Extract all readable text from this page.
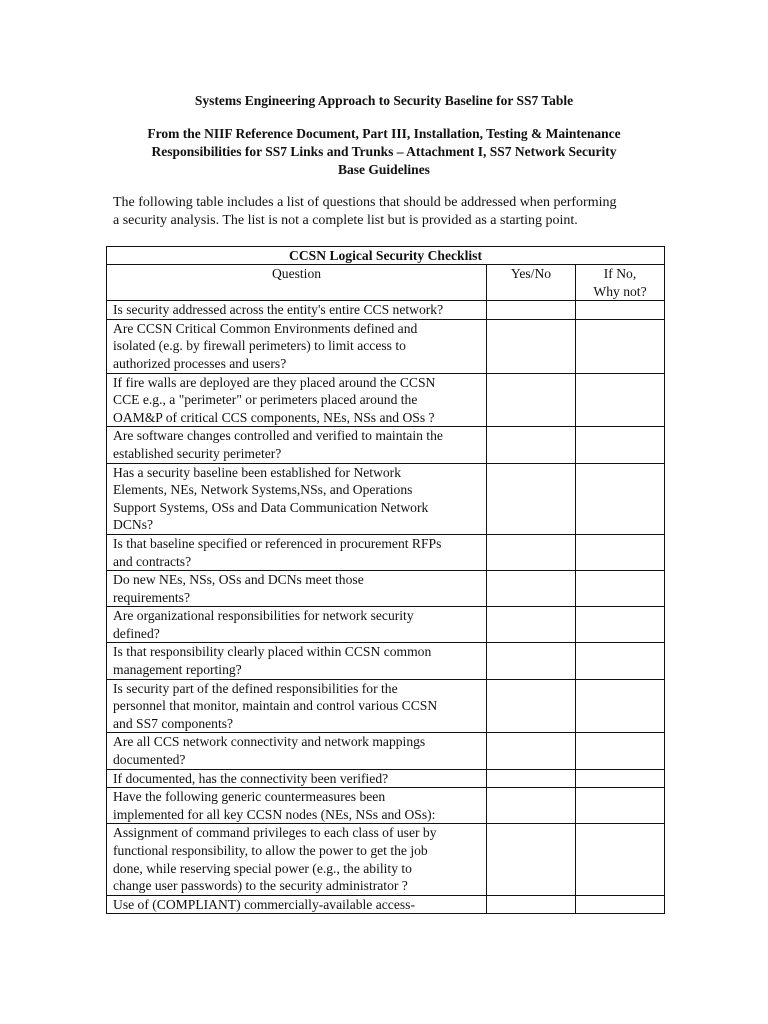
Systems Engineering Approach to Security Baseline for SS7 Table
From the NIIF Reference Document, Part III, Installation, Testing & Maintenance
Responsibilities for SS7 Links and Trunks – Attachment I, SS7 Network Security
Base Guidelines
The following table includes a list of questions that should be addressed when performing
a security analysis. The list is not a complete list but is provided as a starting point.
CCSN Logical Security Checklist		
Question	Yes/No	If No,
Why not?

Is security addressed across the entity's entire CCS network?		

Are CCSN Critical Common Environments defined and
isolated (e.g. by firewall perimeters) to limit access to
authorized processes and users?		

If fire walls are deployed are they placed around the CCSN
CCE e.g., a "perimeter" or perimeters placed around the
OAM&P of critical CCS components, NEs, NSs and OSs ?		

Are software changes controlled and verified to maintain the
established security perimeter?		

Has a security baseline been established for Network
Elements, NEs, Network Systems,NSs, and Operations
Support Systems, OSs and Data Communication Network
DCNs?		

Is that baseline specified or referenced in procurement RFPs
and contracts?		

Do new NEs, NSs, OSs and DCNs meet those
requirements?		

Are organizational responsibilities for network security
defined?		

Is that responsibility clearly placed within CCSN common
management reporting?		

Is security part of the defined responsibilities for the
personnel that monitor, maintain and control various CCSN
and SS7 components?		

Are all CCS network connectivity and network mappings
documented?		

If documented, has the connectivity been verified?		

Have the following generic countermeasures been
implemented for all key CCSN nodes (NEs, NSs and OSs):		

Assignment of command privileges to each class of user by
functional responsibility, to allow the power to get the job
done, while reserving special power (e.g., the ability to
change user passwords) to the security administrator ?		

Use of (COMPLIANT) commercially-available access-		
